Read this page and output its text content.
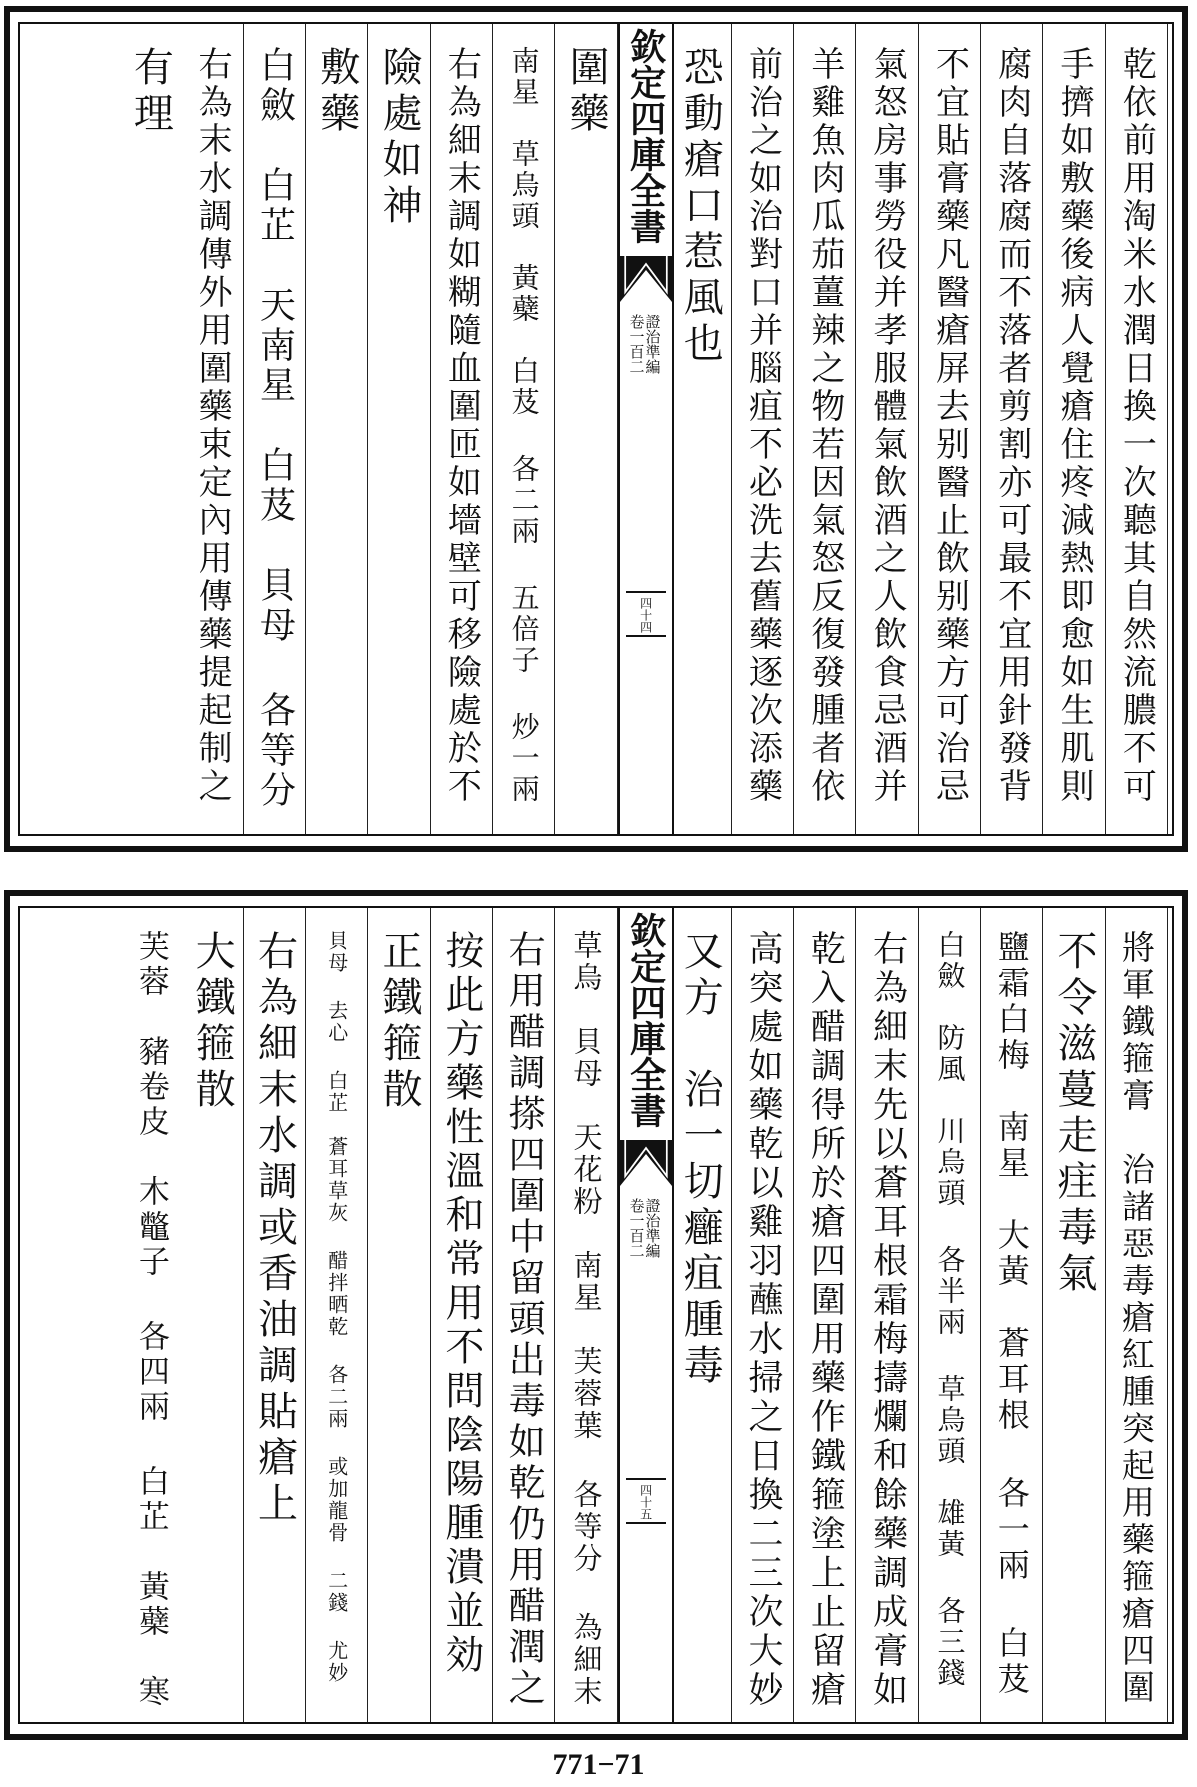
乾依前用淘米水潤日換一次聽其自然流膿不可
手擠如敷藥後病人覺瘡住疼減熱即愈如生肌則
腐肉自落腐而不落者剪割亦可最不宜用針發背
不宜貼膏藥凡醫瘡屏去别醫止飲别藥方可治忌
氣怒房事勞役并孝服體氣飲酒之人飲食忌酒并
羊雞魚肉瓜茄薑辣之物若因氣怒反復發腫者依
前治之如治對口并腦疽不必洗去舊藥逐次添藥
恐動瘡口惹風也
欽定四庫全書
證治準編
卷一百二
四十四
圍藥
南星　草烏頭　黃蘗　白芨 各二兩 五倍子 炒一兩
右為細末調如糊隨血圍匝如墻壁可移險處於不
險處如神
敷藥
白斂　白芷　天南星　白芨　貝母 各等分
右為末水調傳外用圍藥束定內用傳藥提起制之
有理
將軍鐵箍膏　治諸惡毒瘡紅腫突起用藥箍瘡四圍
不令滋蔓走疰毒氣
鹽霜白梅　南星　大黃　蒼耳根 各一兩 白芨
白斂　防風　川烏頭 各半兩 草烏頭　雄黃 各三錢
右為細末先以蒼耳根霜梅擣爛和餘藥調成膏如
乾入醋調得所於瘡四圍用藥作鐵箍塗上止留瘡
高突處如藥乾以雞羽蘸水掃之日換二三次大妙
又方　治一切癰疽腫毒
欽定四庫全書
證治準編
卷一百二
四十五
草烏　貝母　天花粉　南星　芙蓉葉 各等分 為細末
右用醋調搽四圍中留頭出毒如乾仍用醋潤之
按此方藥性溫和常用不問陰陽腫潰並効
正鐵箍散
貝母 去心 白芷　蒼耳草灰 醋拌晒乾 各二兩 或加龍骨 二錢 尤妙
右為細末水調或香油調貼瘡上
大鐵箍散
芙蓉　豬卷皮　木鼈子 各四兩 白芷　黃蘗　寒
771−71
